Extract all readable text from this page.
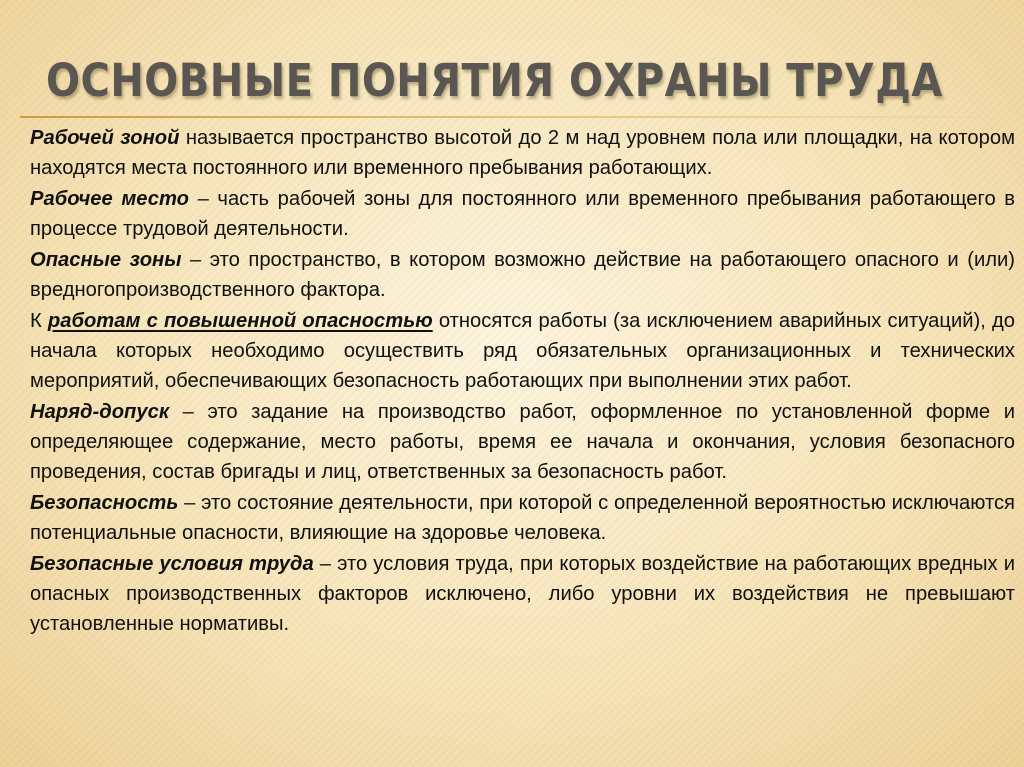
ОСНОВНЫЕ ПОНЯТИЯ ОХРАНЫ ТРУДА

Рабочей зоной называется пространство высотой до 2 м над уровнем пола или площадки, на котором находятся места постоянного или временного пребывания работающих.

Рабочее место – часть рабочей зоны для постоянного или временного пребывания работающего в процессе трудовой деятельности.

Опасные зоны – это пространство, в котором возможно действие на работающего опасного и (или) вредногопроизводственного фактора.

К работам с повышенной опасностью относятся работы (за исключением аварийных ситуаций), до начала которых необходимо осуществить ряд обязательных организационных и технических мероприятий, обеспечивающих безопасность работающих при выполнении этих работ.

Наряд-допуск – это задание на производство работ, оформленное по установленной форме и определяющее содержание, место работы, время ее начала и окончания, условия безопасного проведения, состав бригады и лиц, ответственных за безопасность работ.

Безопасность – это состояние деятельности, при которой с определенной вероятностью исключаются потенциальные опасности, влияющие на здоровье человека.

Безопасные условия труда – это условия труда, при которых воздействие на работающих вредных и опасных производственных факторов исключено, либо уровни их воздействия не превышают установленные нормативы.
